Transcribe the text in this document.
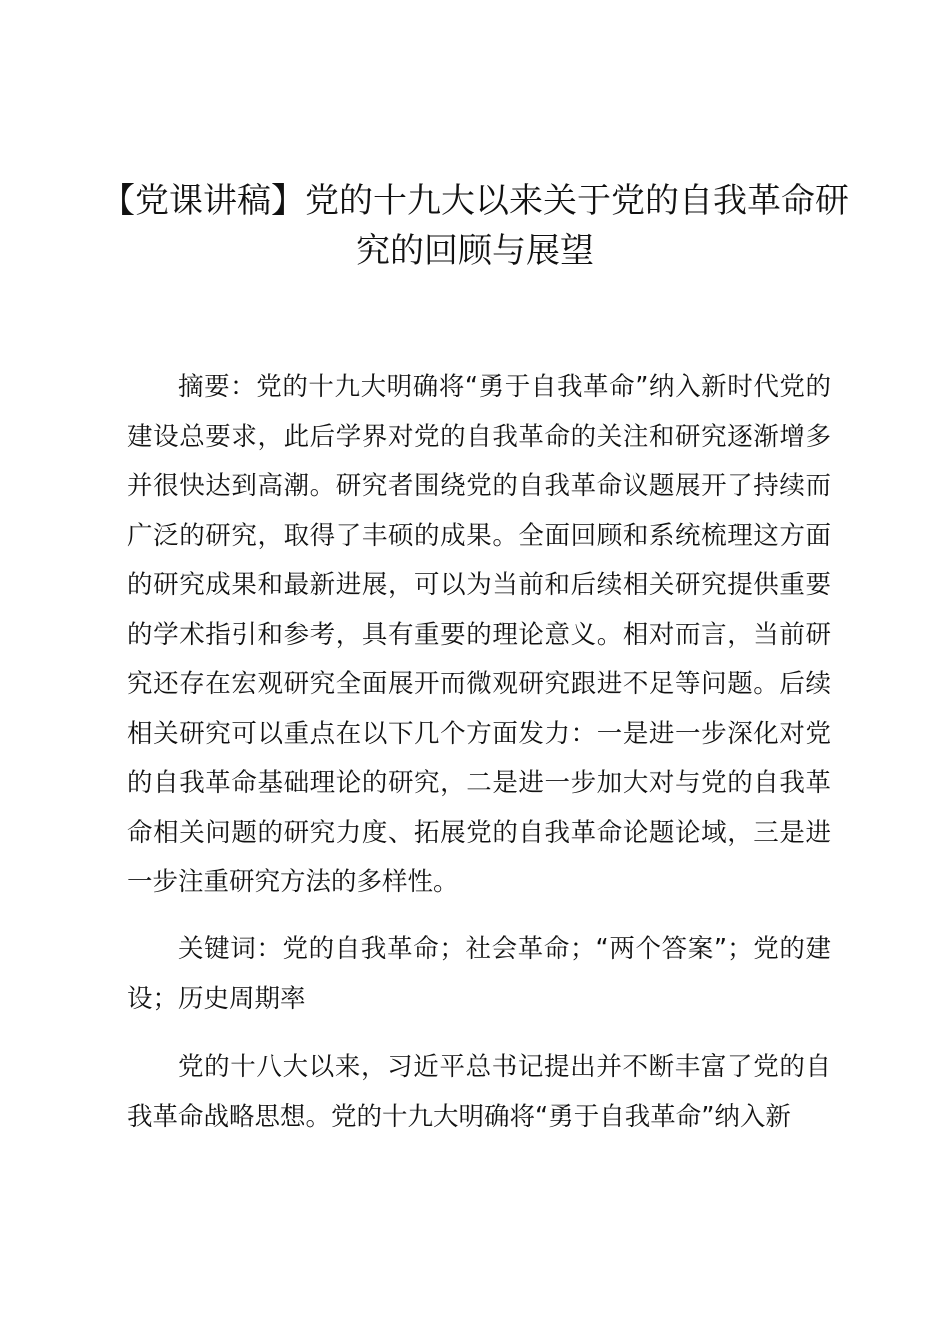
【党课讲稿】党的十九大以来关于党的自我革命研究的回顾与展望

摘要：党的十九大明确将“勇于自我革命”纳入新时代党的建设总要求，此后学界对党的自我革命的关注和研究逐渐增多并很快达到高潮。研究者围绕党的自我革命议题展开了持续而广泛的研究，取得了丰硕的成果。全面回顾和系统梳理这方面的研究成果和最新进展，可以为当前和后续相关研究提供重要的学术指引和参考，具有重要的理论意义。相对而言，当前研究还存在宏观研究全面展开而微观研究跟进不足等问题。后续相关研究可以重点在以下几个方面发力：一是进一步深化对党的自我革命基础理论的研究，二是进一步加大对与党的自我革命相关问题的研究力度、拓展党的自我革命论题论域，三是进一步注重研究方法的多样性。

关键词：党的自我革命；社会革命；“两个答案”；党的建设；历史周期率

党的十八大以来，习近平总书记提出并不断丰富了党的自我革命战略思想。党的十九大明确将“勇于自我革命”纳入新
